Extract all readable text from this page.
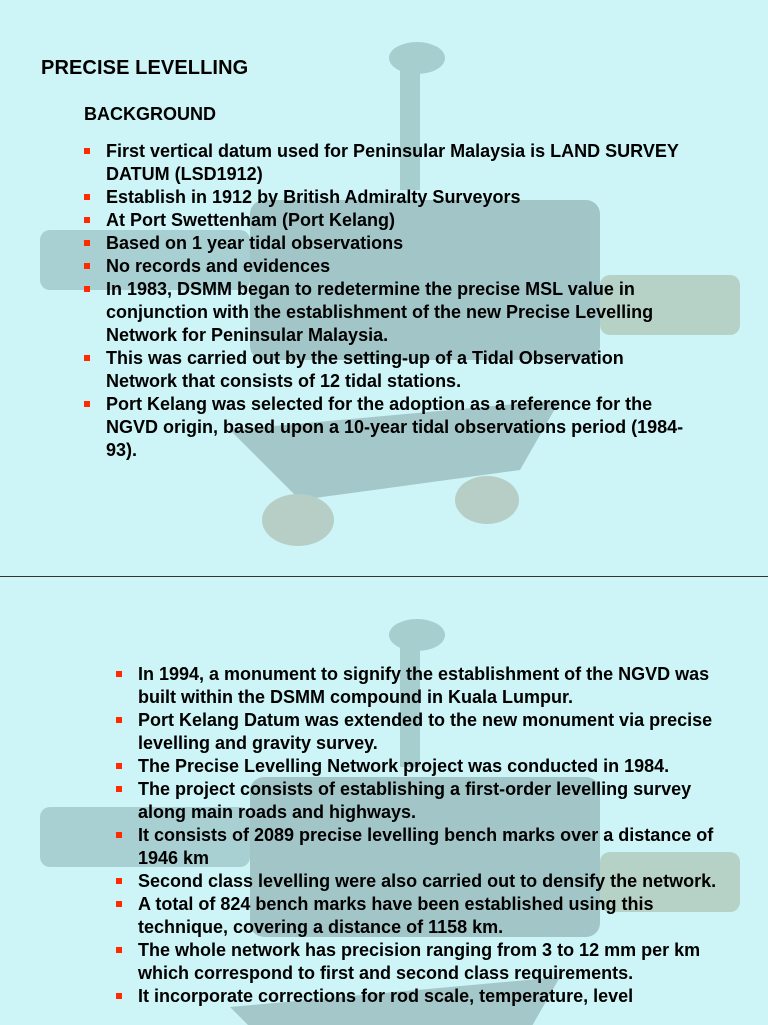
PRECISE LEVELLING
BACKGROUND
First vertical datum used for Peninsular Malaysia is LAND SURVEY DATUM (LSD1912)
Establish in 1912 by British Admiralty Surveyors
At Port Swettenham (Port Kelang)
Based on 1 year tidal observations
No records and evidences
In 1983, DSMM began to redetermine the precise MSL value in conjunction with the establishment of the new Precise Levelling Network for Peninsular Malaysia.
This was carried out by the setting-up of a Tidal Observation Network that consists of 12 tidal stations.
Port Kelang was selected for the adoption as a reference for the NGVD origin, based upon a 10-year tidal observations period (1984-93).
In 1994, a monument to signify the establishment of the NGVD was built within the DSMM compound in Kuala Lumpur.
Port Kelang Datum was extended to the new monument via precise levelling and gravity survey.
The Precise Levelling Network project was conducted in 1984.
The project consists of establishing a first-order levelling survey along main roads and highways.
It consists of 2089 precise levelling bench marks over a distance of 1946 km
Second class levelling were also carried out to densify the network.
A total of 824 bench marks have been established using this technique, covering a distance of 1158 km.
The whole network has precision ranging from 3 to 12 mm per km which correspond to first and second class requirements.
It incorporate corrections for rod scale, temperature, level
